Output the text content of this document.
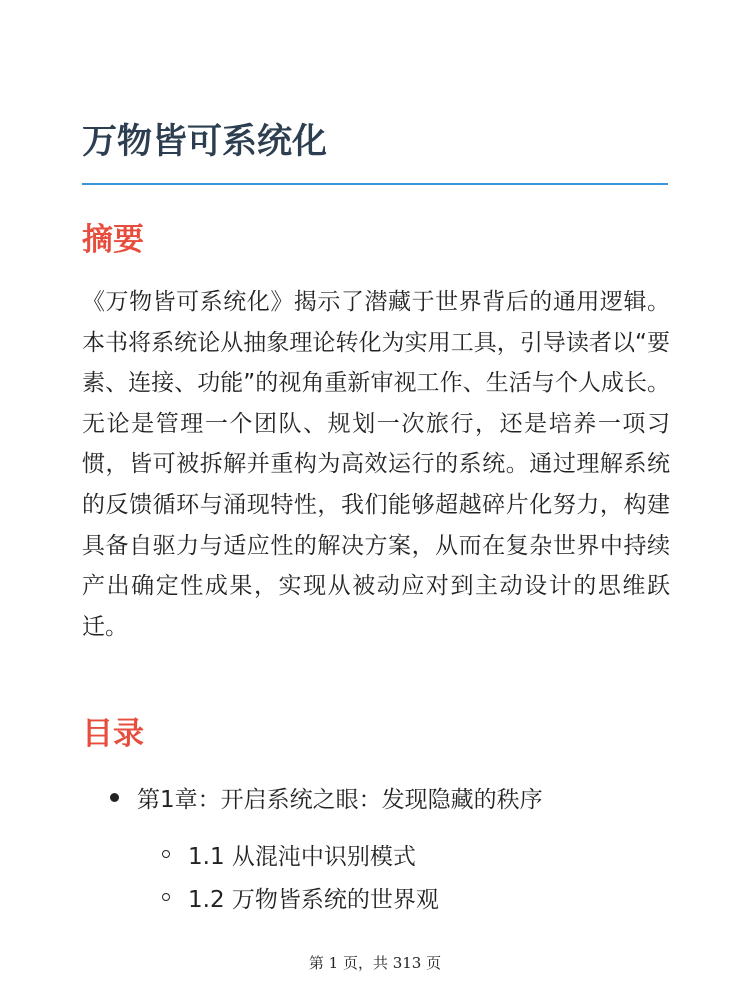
万物皆可系统化
摘要

《万物皆可系统化》揭示了潜藏于世界背后的通用逻辑。本书将系统论从抽象理论转化为实用工具，引导读者以“要素、连接、功能”的视角重新审视工作、生活与个人成长。无论是管理一个团队、规划一次旅行，还是培养一项习惯，皆可被拆解并重构为高效运行的系统。通过理解系统的反馈循环与涌现特性，我们能够超越碎片化努力，构建具备自驱力与适应性的解决方案，从而在复杂世界中持续产出确定性成果，实现从被动应对到主动设计的思维跃迁。

目录
第1章：开启系统之眼：发现隐藏的秩序
1.1 从混沌中识别模式
1.2 万物皆系统的世界观
第 1 页，共 313 页
